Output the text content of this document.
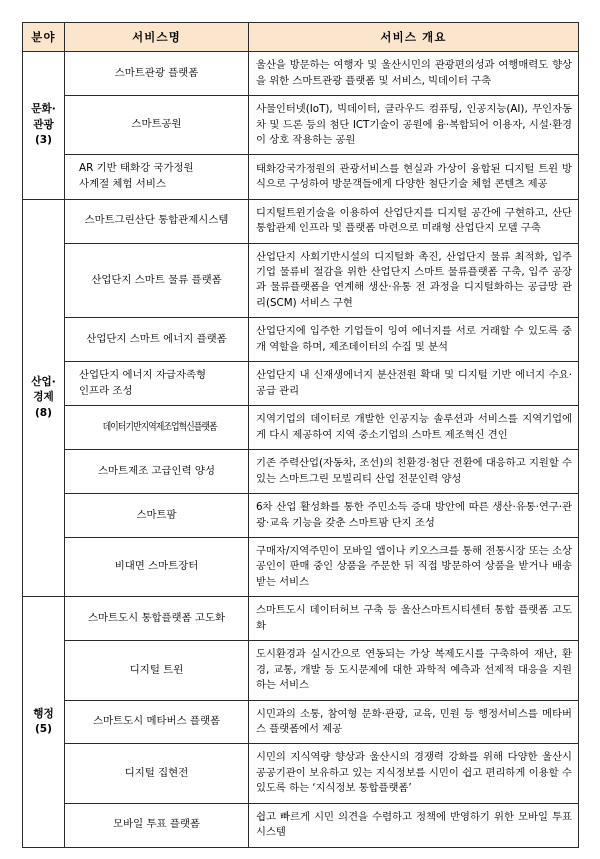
분야	서비스명	서비스 개요
문화·
관광
(3)	스마트관광 플랫폼	울산을 방문하는 여행자 및 울산시민의 관광편의성과 여행매력도 향상을 위한 스마트관광 플랫폼 및 서비스, 빅데이터 구축
	스마트공원	사물인터넷(IoT), 빅데이터, 클라우드 컴퓨팅, 인공지능(AI), 무인자동차 및 드론 등의 첨단 ICT기술이 공원에 융·복합되어 이용자, 시설·환경이 상호 작용하는 공원
	AR 기반 태화강 국가정원
사계절 체험 서비스	태화강국가정원의 관광서비스를 현실과 가상이 융합된 디지털 트윈 방식으로 구성하여 방문객들에게 다양한 첨단기술 체험 콘텐츠 제공
산업·
경제
(8)	스마트그린산단 통합관제시스템	디지털트윈기술을 이용하여 산업단지를 디지털 공간에 구현하고, 산단 통합관제 인프라 및 플랫폼 마련으로 미래형 산업단지 모델 구축
	산업단지 스마트 물류 플랫폼	산업단지 사회기반시설의 디지털화 촉진, 산업단지 물류 최적화, 입주기업 물류비 절감을 위한 산업단지 스마트 물류플랫폼 구축, 입주 공장과 물류플랫폼을 연계해 생산·유통 전 과정을 디지털화하는 공급망 관리(SCM) 서비스 구현
	산업단지 스마트 에너지 플랫폼	산업단지에 입주한 기업들이 잉여 에너지를 서로 거래할 수 있도록 중개 역할을 하며, 제조데이터의 수집 및 분석
	산업단지 에너지 자급자족형
인프라 조성	산업단지 내 신재생에너지 분산전원 확대 및 디지털 기반 에너지 수요·공급 관리
	데이터기반지역제조업혁신플랫폼	지역기업의 데이터로 개발한 인공지능 솔루션과 서비스를 지역기업에게 다시 제공하여 지역 중소기업의 스마트 제조혁신 견인
	스마트제조 고급인력 양성	기존 주력산업(자동차, 조선)의 친환경·첨단 전환에 대응하고 지원할 수 있는 스마트그린 모빌리티 산업 전문인력 양성
	스마트팜	6차 산업 활성화를 통한 주민소득 증대 방안에 따른 생산·유통·연구·관광·교육 기능을 갖춘 스마트팜 단지 조성
	비대면 스마트장터	구매자/지역주민이 모바일 앱이나 키오스크를 통해 전통시장 또는 소상공인이 판매 중인 상품을 주문한 뒤 직접 방문하여 상품을 받거나 배송 받는 서비스
행정
(5)	스마트도시 통합플랫폼 고도화	스마트도시 데이터허브 구축 등 울산스마트시티센터 통합 플랫폼 고도화
	디지털 트윈	도시환경과 실시간으로 연동되는 가상 복제도시를 구축하여 재난, 환경, 교통, 개발 등 도시문제에 대한 과학적 예측과 선제적 대응을 지원하는 서비스
	스마트도시 메타버스 플랫폼	시민과의 소통, 참여형 문화·관광, 교육, 민원 등 행정서비스를 메타버스 플랫폼에서 제공
	디지털 집현전	시민의 지식역량 향상과 울산시의 경쟁력 강화를 위해 다양한 울산시 공공기관이 보유하고 있는 지식정보를 시민이 쉽고 편리하게 이용할 수 있도록 하는 ‘지식정보 통합플랫폼’
	모바일 투표 플랫폼	쉽고 빠르게 시민 의견을 수렴하고 정책에 반영하기 위한 모바일 투표시스템
